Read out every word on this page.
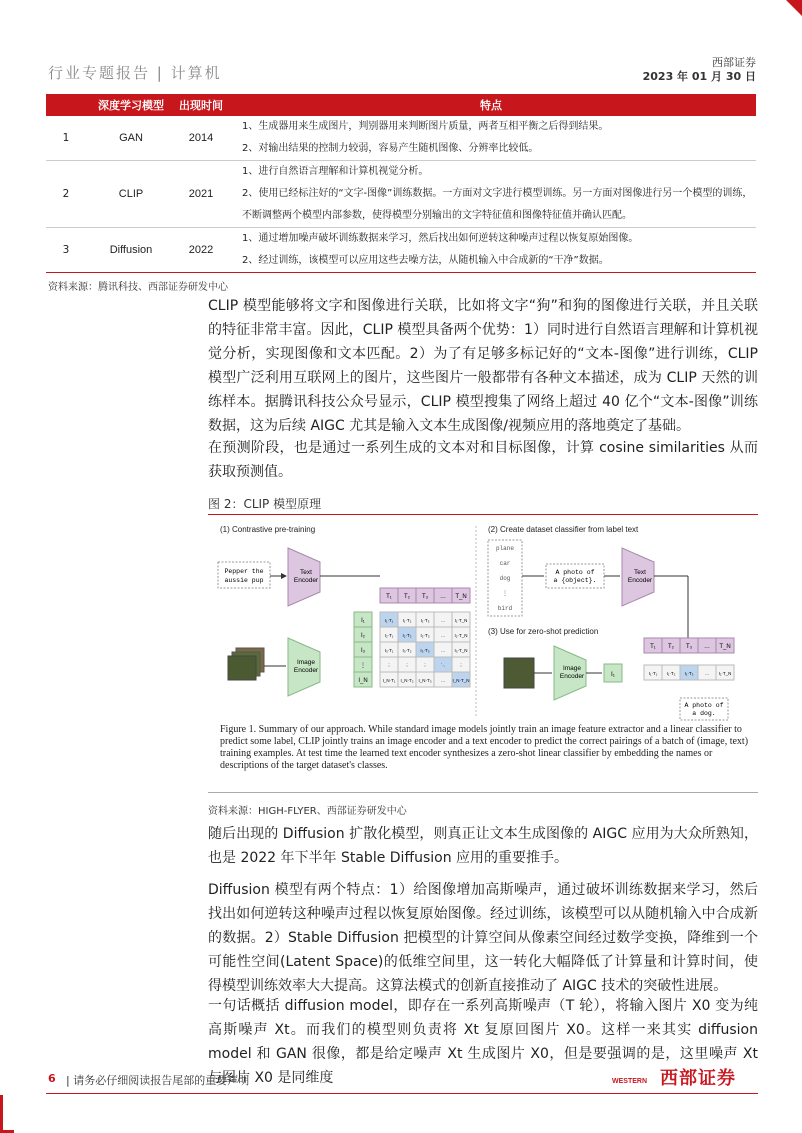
行业专题报告 | 计算机
西部证券
2023 年 01 月 30 日
	深度学习模型	出现时间	特点
1	GAN	2014	1、生成器用来生成图片，判别器用来判断图片质量，两者互相平衡之后得到结果。
2、对输出结果的控制力较弱，容易产生随机图像、分辨率比较低。

2	CLIP	2021	1、进行自然语言理解和计算机视觉分析。
2、使用已经标注好的“文字-图像”训练数据。一方面对文字进行模型训练。另一方面对图像进行另一个模型的训练，
不断调整两个模型内部参数，使得模型分别输出的文字特征值和图像特征值并确认匹配。

3	Diffusion	2022	1、通过增加噪声破坏训练数据来学习，然后找出如何逆转这种噪声过程以恢复原始图像。
2、经过训练，该模型可以应用这些去噪方法，从随机输入中合成新的“干净”数据。
资料来源：腾讯科技、西部证券研发中心

CLIP 模型能够将文字和图像进行关联，比如将文字“狗”和狗的图像进行关联，并且关联的特征非常丰富。因此，CLIP 模型具备两个优势：1）同时进行自然语言理解和计算机视觉分析，实现图像和文本匹配。2）为了有足够多标记好的“文本-图像”进行训练，CLIP 模型广泛利用互联网上的图片，这些图片一般都带有各种文本描述，成为 CLIP 天然的训练样本。据腾讯科技公众号显示，CLIP 模型搜集了网络上超过 40 亿个“文本-图像”训练数据，这为后续 AIGC 尤其是输入文本生成图像/视频应用的落地奠定了基础。

在预测阶段，也是通过一系列生成的文本对和目标图像，计算 cosine similarities 从而获取预测值。

图 2：CLIP 模型原理
(1) Contrastive pre-training	(2) Create dataset classifier from label text
(3) Use for zero-shot prediction
Pepper the aussie pup
Text Encoder
T₁ T₂ T₃ … T_N
Image Encoder
I₁	I₁·T₁ I₁·T₂ I₁·T₃	… I₁·T_N
I₂	I₂·T₁ I₂·T₂ I₂·T₃ … I₂·T_N
I₃	I₃·T₁ I₃·T₂ I₃·T₃ … I₃·T_N
⋮	⋮	⋮	⋮	⋱	⋮
I_N	I_N·T₁ I_N·T₂ I_N·T₃ … I_N·T_N
plane
car
dog
⋮
bird
A photo of a {object}.
Text Encoder
T₁ T₂ T₃ … T_N
Image Encoder	I₁	I₁·T₁ I₁·T₂ I₁·T₃	… I₁·T_N
A photo of a dog.
Figure 1. Summary of our approach. While standard image models jointly train an image feature extractor and a linear classifier to predict some label, CLIP jointly trains an image encoder and a text encoder to predict the correct pairings of a batch of (image, text) training examples. At test time the learned text encoder synthesizes a zero-shot linear classifier by embedding the names or descriptions of the target dataset's classes.
资料来源：HIGH-FLYER、西部证券研发中心

随后出现的 Diffusion 扩散化模型，则真正让文本生成图像的 AIGC 应用为大众所熟知，也是 2022 年下半年 Stable Diffusion 应用的重要推手。

Diffusion 模型有两个特点：1）给图像增加高斯噪声，通过破坏训练数据来学习，然后找出如何逆转这种噪声过程以恢复原始图像。经过训练，该模型可以从随机输入中合成新的数据。2）Stable Diffusion 把模型的计算空间从像素空间经过数学变换，降维到一个可能性空间(Latent Space)的低维空间里，这一转化大幅降低了计算量和计算时间，使得模型训练效率大大提高。这算法模式的创新直接推动了 AIGC 技术的突破性进展。

一句话概括 diffusion model，即存在一系列高斯噪声（T 轮），将输入图片 X0 变为纯高斯噪声 Xt。而我们的模型则负责将 Xt 复原回图片 X0。这样一来其实 diffusion model 和 GAN 很像，都是给定噪声 Xt 生成图片 X0，但是要强调的是，这里噪声 Xt 与图片 X0 是同维度

6 | 请务必仔细阅读报告尾部的重要声明	WESTERN 西部证券
